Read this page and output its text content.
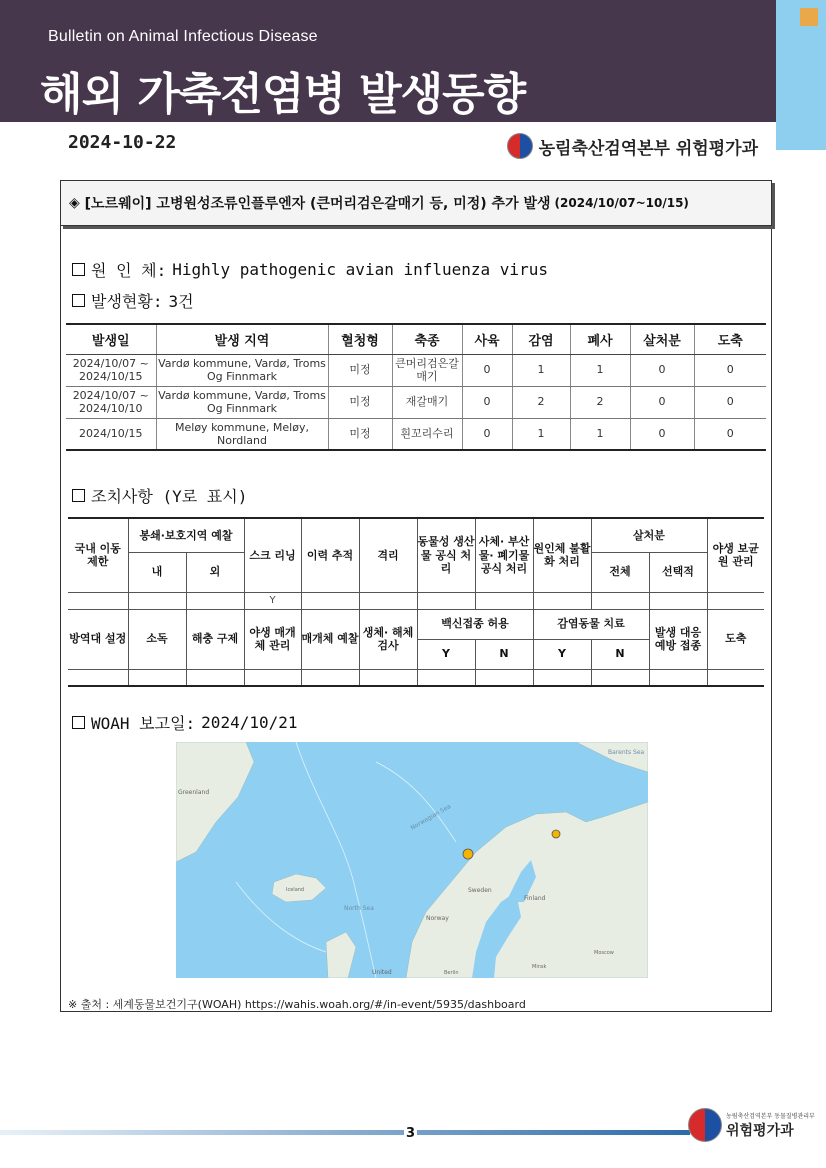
Bulletin on Animal Infectious Disease
해외 가축전염병 발생동향
2024-10-22	농림축산검역본부 위험평가과
◈
[노르웨이] 고병원성조류인플루엔자 (큰머리검은갈매기 등, 미정) 추가 발생 (2024/10/07~10/15)
원 인 체: Highly pathogenic avian influenza virus
발생현황: 3건
발생일	발생 지역	혈청형	축종	사육	감염	폐사	살처분	도축
2024/10/07 ~ 2024/10/15	Vardø kommune, Vardø, Troms Og Finnmark	미정	큰머리검은갈매기	0	1	1	0	0
2024/10/07 ~ 2024/10/10	Vardø kommune, Vardø, Troms Og Finnmark	미정	재갈매기	0	2	2	0	0
2024/10/15	Meløy kommune, Meløy, Nordland	미정	흰꼬리수리	0	1	1	0	0
조치사항 (Y로 표시)
국내 이동 제한	봉쇄·보호지역 예찰		스크 리닝	이력 추적	격리	동물성 생산물 공식 처리	사체· 부산물· 폐기물 공식 처리	원인체 불활화 처리	살처분		야생 보균원 관리
	내	외							전체	선택적	
			Y								
방역대 설정	소독	해충 구제	야생 매개체 관리	매개체 예찰	생체· 해체 검사	백신접종 허용		감염동물 치료		발생 대응 예방 접종	도축
						Y	N	Y	N		

WOAH 보고일: 2024/10/21
Greenland
Iceland
Norway
Sweden
Finland
Barents Sea
Norwegian Sea
North Sea
United	Berlin
Moscow
Minsk
※ 출처 : 세계동물보건기구(WOAH) https://wahis.woah.org/#/in-event/5935/dashboard
3
농림축산검역본부 동물질병관리부
위험평가과
